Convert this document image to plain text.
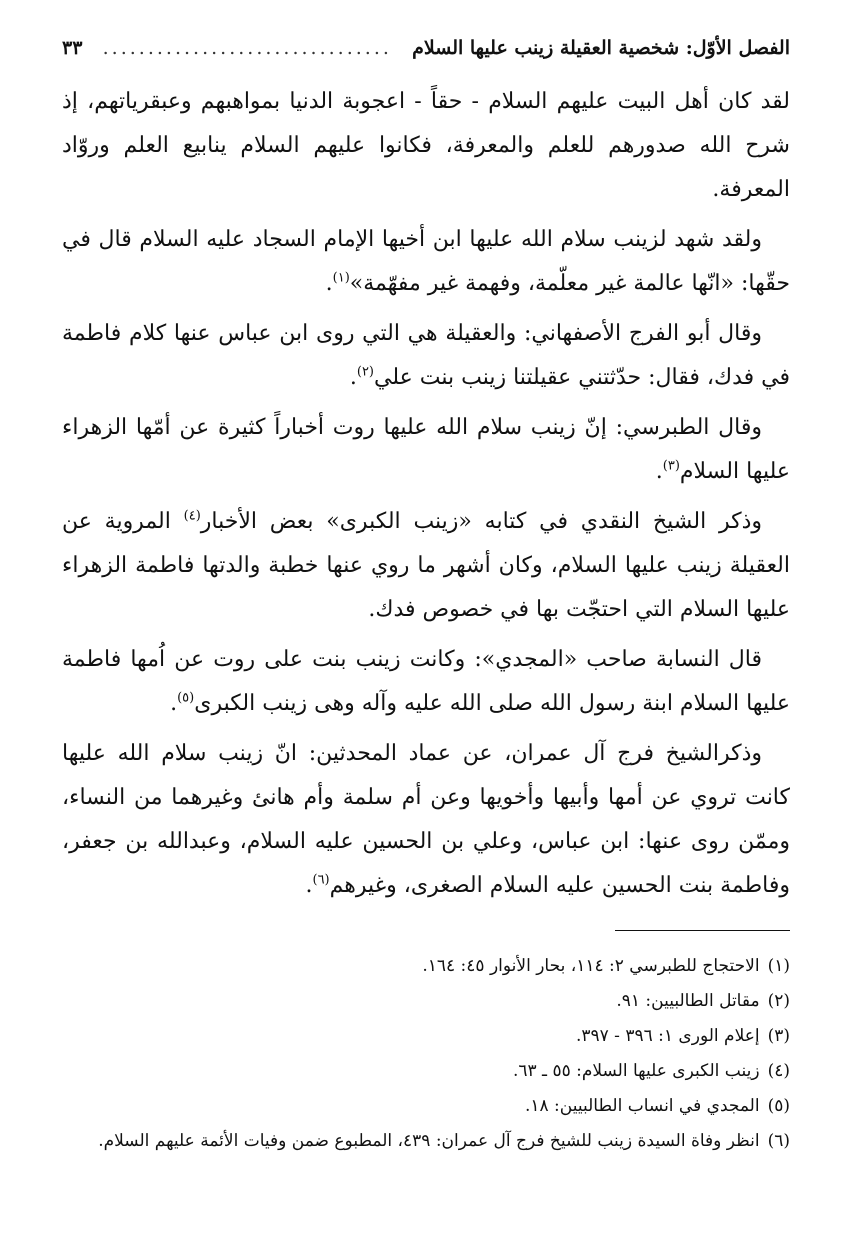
الفصل الأوّل: شخصية العقيلة زينب عليها السلام
................................
٣٣

لقد كان أهل البيت عليهم السلام - حقاً - اعجوبة الدنيا بمواهبهم وعبقرياتهم، إذ شرح الله صدورهم للعلم والمعرفة، فكانوا عليهم السلام ينابيع العلم وروّاد المعرفة.

ولقد شهد لزينب سلام الله عليها ابن أخيها الإمام السجاد عليه السلام قال في حقّها: «انّها عالمة غير معلّمة، وفهمة غير مفهّمة»$^{(١)}$.

وقال أبو الفرج الأصفهاني: والعقيلة هي التي روى ابن عباس عنها كلام فاطمة في فدك، فقال: حدّثتني عقيلتنا زينب بنت علي$^{(٢)}$.

وقال الطبرسي: إنّ زينب سلام الله عليها روت أخباراً كثيرة عن أمّها الزهراء عليها السلام$^{(٣)}$.

وذكر الشيخ النقدي في كتابه «زينب الكبرى» بعض الأخبار$^{(٤)}$ المروية عن العقيلة زينب عليها السلام، وكان أشهر ما روي عنها خطبة والدتها فاطمة الزهراء عليها السلام التي احتجّت بها في خصوص فدك.

قال النسابة صاحب «المجدي»: وكانت زينب بنت على روت عن اُمها فاطمة عليها السلام ابنة رسول الله صلى الله عليه وآله وهى زينب الكبرى$^{(٥)}$.

وذكرالشيخ فرج آل عمران، عن عماد المحدثين: انّ زينب سلام الله عليها كانت تروي عن أمها وأبيها وأخويها وعن أم سلمة وأم هانئ وغيرهما من النساء، وممّن روى عنها: ابن عباس، وعلي بن الحسين عليه السلام، وعبدالله بن جعفر، وفاطمة بنت الحسين عليه السلام الصغرى، وغيرهم$^{(٦)}$.

(١)الاحتجاج للطبرسي ٢: ١١٤، بحار الأنوار ٤٥: ١٦٤.

(٢)مقاتل الطالبيين: ٩١.

(٣)إعلام الورى ١: ٣٩٦ - ٣٩٧.

(٤)زينب الكبرى عليها السلام: ٥٥ ـ ٦٣.

(٥)المجدي في انساب الطالبيين: ١٨.

(٦)انظر وفاة السيدة زينب للشيخ فرج آل عمران: ٤٣٩، المطبوع ضمن وفيات الأئمة عليهم السلام.
